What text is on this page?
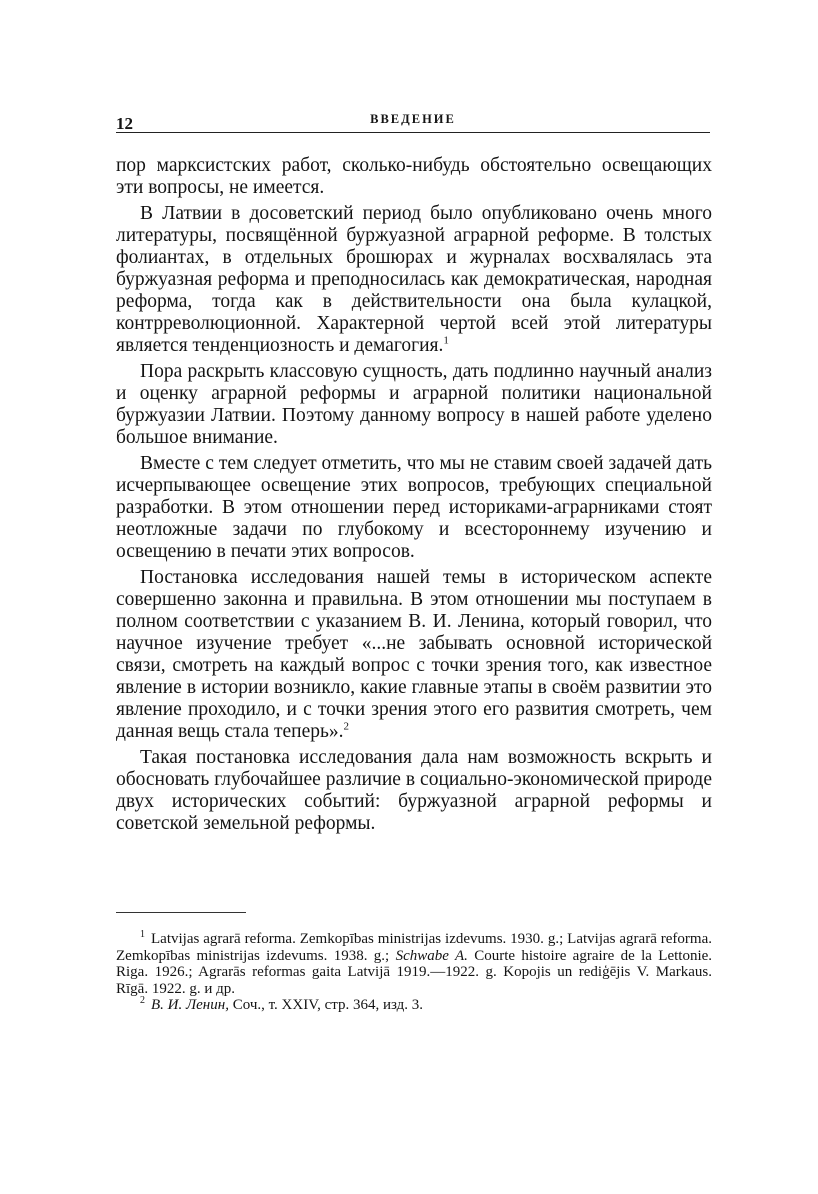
12	ВВЕДЕНИЕ

пор марксистских работ, сколько-нибудь обстоятельно освещающих эти вопросы, не имеется.

В Латвии в досоветский период было опубликовано очень много литературы, посвящённой буржуазной аграрной реформе. В толстых фолиантах, в отдельных брошюрах и журналах восхвалялась эта буржуазная реформа и преподносилась как демократическая, народная реформа, тогда как в действительности она была кулацкой, контрреволюционной. Характерной чертой всей этой литературы является тенденциозность и демагогия.$^1$

Пора раскрыть классовую сущность, дать подлинно научный анализ и оценку аграрной реформы и аграрной политики национальной буржуазии Латвии. Поэтому данному вопросу в нашей работе уделено большое внимание.

Вместе с тем следует отметить, что мы не ставим своей задачей дать исчерпывающее освещение этих вопросов, требующих специальной разработки. В этом отношении перед историками-аграрниками стоят неотложные задачи по глубокому и всестороннему изучению и освещению в печати этих вопросов.

Постановка исследования нашей темы в историческом аспекте совершенно законна и правильна. В этом отношении мы поступаем в полном соответствии с указанием В. И. Ленина, который говорил, что научное изучение требует «...не забывать основной исторической связи, смотреть на каждый вопрос с точки зрения того, как известное явление в истории возникло, какие главные этапы в своём развитии это явление проходило, и с точки зрения этого его развития смотреть, чем данная вещь стала теперь».$^2$

Такая постановка исследования дала нам возможность вскрыть и обосновать глубочайшее различие в социально-экономической природе двух исторических событий: буржуазной аграрной реформы и советской земельной реформы.

$^1$ Latvijas agrarā reforma. Zemkopības ministrijas izdevums. 1930. g.; Latvijas agrarā reforma. Zemkopības ministrijas izdevums. 1938. g.; Schwabe A. Courte histoire agraire de la Lettonie. Riga. 1926.; Agrarās reformas gaita Latvijā 1919.—1922. g. Kopojis un rediģējis V. Markaus. Rīgā. 1922. g. и др.

$^2$ В. И. Ленин, Соч., т. XXIV, стр. 364, изд. 3.
